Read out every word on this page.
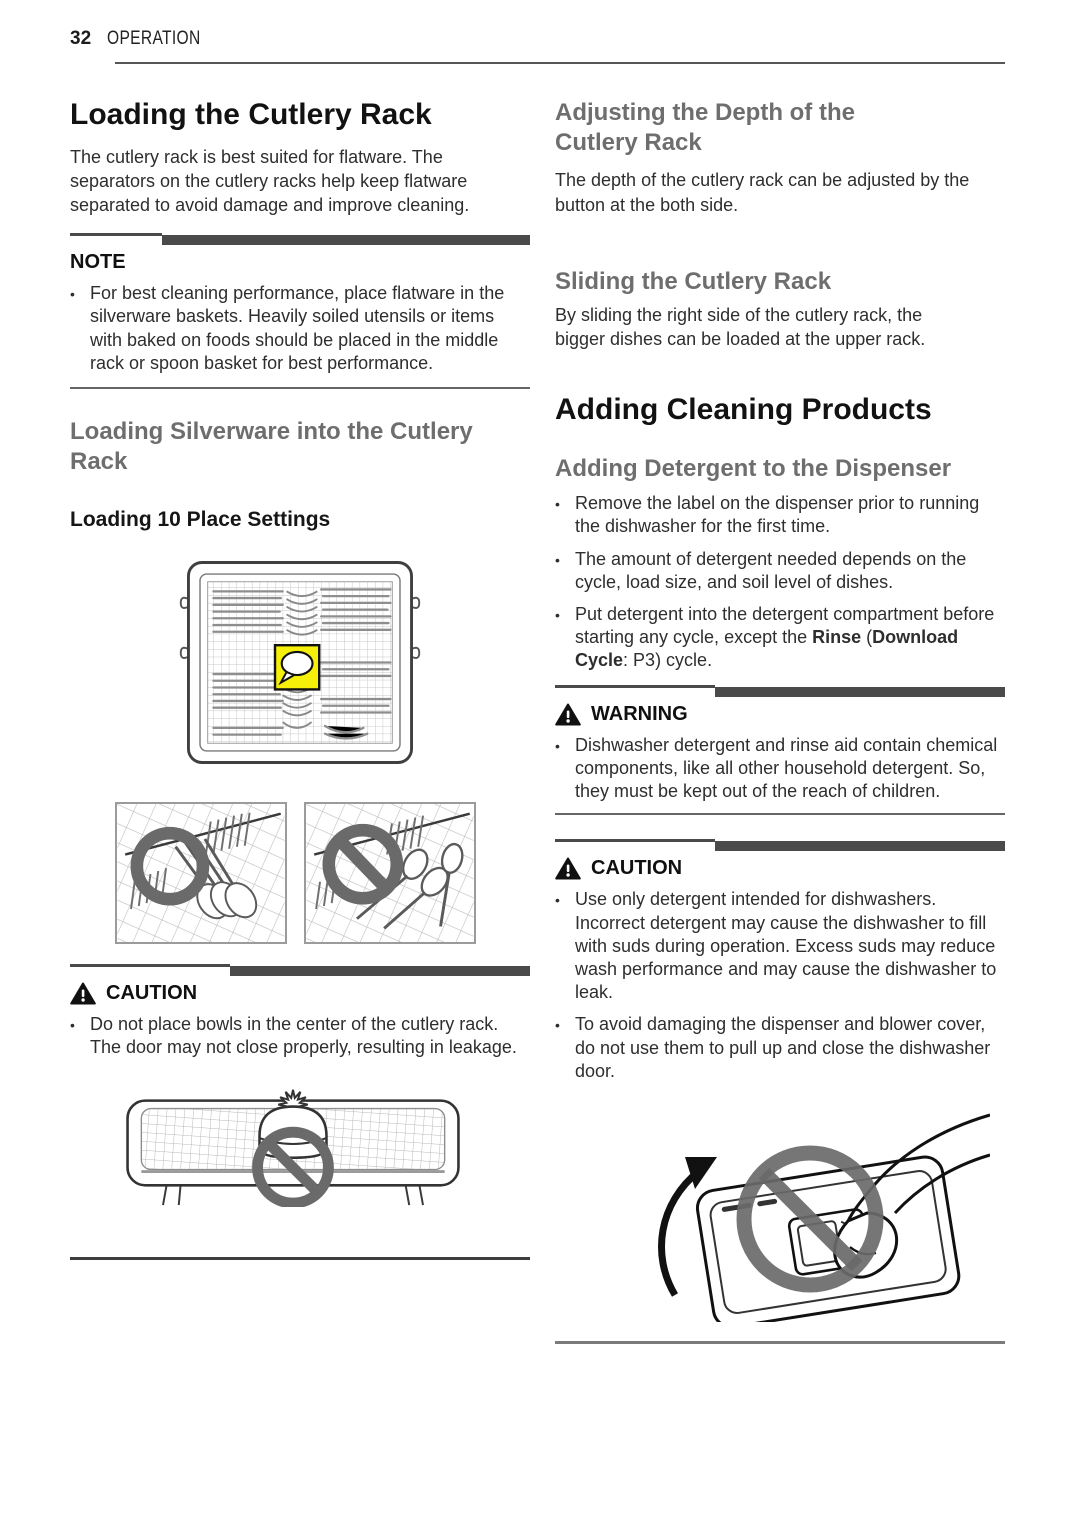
32 OPERATION
Loading the Cutlery Rack
The cutlery rack is best suited for flatware. The separators on the cutlery racks help keep flatware separated to avoid damage and improve cleaning.
NOTE
• For best cleaning performance, place flatware in the silverware baskets. Heavily soiled utensils or items with baked on foods should be placed in the middle rack or spoon basket for best performance.
Loading Silverware into the Cutlery Rack
Loading 10 Place Settings
CAUTION
• Do not place bowls in the center of the cutlery rack. The door may not close properly, resulting in leakage.
Adjusting the Depth of the Cutlery Rack
The depth of the cutlery rack can be adjusted by the button at the both side.
Sliding the Cutlery Rack
By sliding the right side of the cutlery rack, the bigger dishes can be loaded at the upper rack.
Adding Cleaning Products
Adding Detergent to the Dispenser
• Remove the label on the dispenser prior to running the dishwasher for the first time.
• The amount of detergent needed depends on the cycle, load size, and soil level of dishes.
• Put detergent into the detergent compartment before starting any cycle, except the Rinse (Download Cycle: P3) cycle.
WARNING
• Dishwasher detergent and rinse aid contain chemical components, like all other household detergent. So, they must be kept out of the reach of children.
CAUTION
• Use only detergent intended for dishwashers. Incorrect detergent may cause the dishwasher to fill with suds during operation. Excess suds may reduce wash performance and may cause the dishwasher to leak.
• To avoid damaging the dispenser and blower cover, do not use them to pull up and close the dishwasher door.
